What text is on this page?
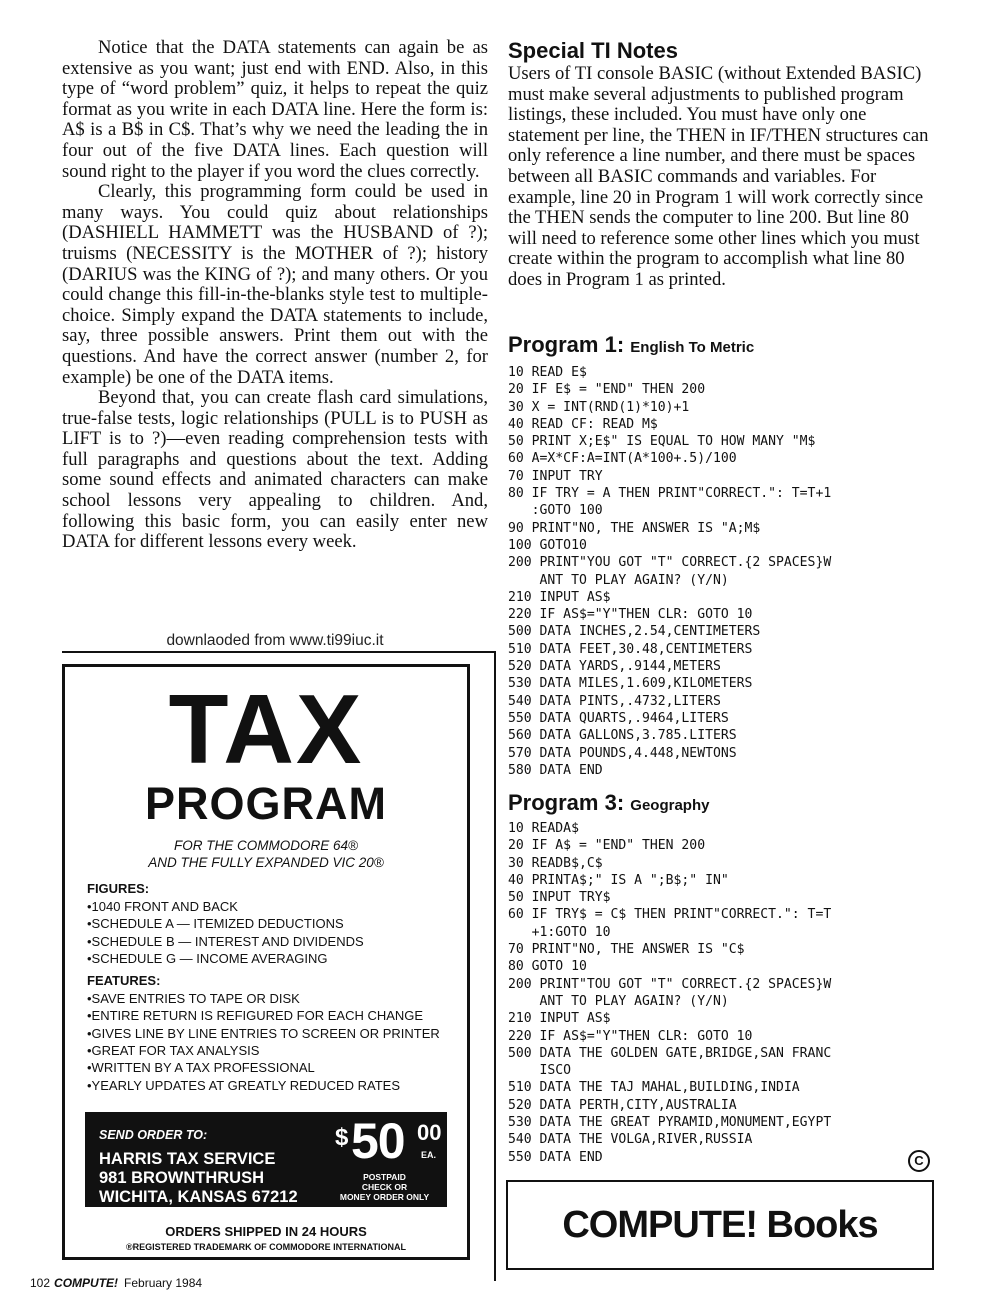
Notice that the DATA statements can again be as extensive as you want; just end with END. Also, in this type of “word problem” quiz, it helps to repeat the quiz format as you write in each DATA line. Here the form is: A$ is a B$ in C$. That’s why we need the leading the in four out of the five DATA lines. Each question will sound right to the player if you word the clues correctly.

Clearly, this programming form could be used in many ways. You could quiz about relationships (DASHIELL HAMMETT was the HUSBAND of ?); truisms (NECESSITY is the MOTHER of ?); history (DARIUS was the KING of ?); and many others. Or you could change this fill-in-the-blanks style test to multiple-choice. Simply expand the DATA statements to include, say, three possible answers. Print them out with the questions. And have the correct answer (number 2, for example) be one of the DATA items.

Beyond that, you can create flash card simulations, true-false tests, logic relationships (PULL is to PUSH as LIFT is to ?)—even reading comprehension tests with full paragraphs and questions about the text. Adding some sound effects and animated characters can make school lessons very appealing to children. And, following this basic form, you can easily enter new DATA for different lessons every week.

downlaoded from www.ti99iuc.it
TAX
PROGRAM
FOR THE COMMODORE 64®
AND THE FULLY EXPANDED VIC 20®
FIGURES:
•1040 FRONT AND BACK
•SCHEDULE A — ITEMIZED DEDUCTIONS
•SCHEDULE B — INTEREST AND DIVIDENDS
•SCHEDULE G — INCOME AVERAGING
FEATURES:
•SAVE ENTRIES TO TAPE OR DISK
•ENTIRE RETURN IS REFIGURED FOR EACH CHANGE
•GIVES LINE BY LINE ENTRIES TO SCREEN OR PRINTER
•GREAT FOR TAX ANALYSIS
•WRITTEN BY A TAX PROFESSIONAL
•YEARLY UPDATES AT GREATLY REDUCED RATES
SEND ORDER TO:
HARRIS TAX SERVICE
981 BROWNTHRUSH
WICHITA, KANSAS 67212
$ 50 00
EA.
POSTPAID
CHECK OR
MONEY ORDER ONLY
ORDERS SHIPPED IN 24 HOURS
®REGISTERED TRADEMARK OF COMMODORE INTERNATIONAL
Special TI Notes
Users of TI console BASIC (without Extended BASIC) must make several adjustments to published program listings, these included. You must have only one statement per line, the THEN in IF/THEN structures can only reference a line number, and there must be spaces between all BASIC commands and variables. For example, line 20 in Program 1 will work correctly since the THEN sends the computer to line 200. But line 80 will need to reference some other lines which you must create within the program to accomplish what line 80 does in Program 1 as printed.
Program 1: English To Metric
10 READ E$
20 IF E$ = "END" THEN 200
30 X = INT(RND(1)*10)+1
40 READ CF: READ M$
50 PRINT X;E$" IS EQUAL TO HOW MANY "M$
60 A=X*CF:A=INT(A*100+.5)/100
70 INPUT TRY
80 IF TRY = A THEN PRINT"CORRECT.": T=T+1
:GOTO 100
90 PRINT"NO, THE ANSWER IS "A;M$
100 GOTO10
200 PRINT"YOU GOT "T" CORRECT.{2 SPACES}W
ANT TO PLAY AGAIN? (Y/N)
210 INPUT AS$
220 IF AS$="Y"THEN CLR: GOTO 10
500 DATA INCHES,2.54,CENTIMETERS
510 DATA FEET,30.48,CENTIMETERS
520 DATA YARDS,.9144,METERS
530 DATA MILES,1.609,KILOMETERS
540 DATA PINTS,.4732,LITERS
550 DATA QUARTS,.9464,LITERS
560 DATA GALLONS,3.785.LITERS
570 DATA POUNDS,4.448,NEWTONS
580 DATA END
Program 3: Geography
10 READA$
20 IF A$ = "END" THEN 200
30 READB$,C$
40 PRINTA$;" IS A ";B$;" IN"
50 INPUT TRY$
60 IF TRY$ = C$ THEN PRINT"CORRECT.": T=T
+1:GOTO 10
70 PRINT"NO, THE ANSWER IS "C$
80 GOTO 10
200 PRINT"TOU GOT "T" CORRECT.{2 SPACES}W
ANT TO PLAY AGAIN? (Y/N)
210 INPUT AS$
220 IF AS$="Y"THEN CLR: GOTO 10
500 DATA THE GOLDEN GATE,BRIDGE,SAN FRANC
ISCO
510 DATA THE TAJ MAHAL,BUILDING,INDIA
520 DATA PERTH,CITY,AUSTRALIA
530 DATA THE GREAT PYRAMID,MONUMENT,EGYPT
540 DATA THE VOLGA,RIVER,RUSSIA
550 DATA END	C
COMPUTE! Books
102 COMPUTE! February 1984
